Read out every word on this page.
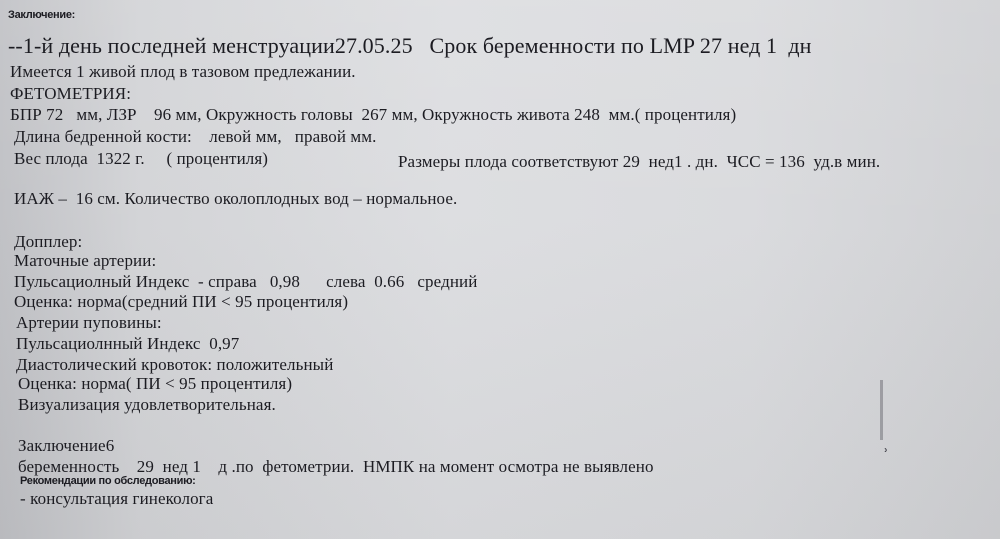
Заключение:
--1-й день последней менструации27.05.25   Срок беременности по LMP 27 нед 1  дн
Имеется 1 живой плод в тазовом предлежании.
ФЕТОМЕТРИЯ:
БПР 72   мм, ЛЗР    96 мм, Окружность головы  267 мм, Окружность живота 248  мм.( процентиля)
Длина бедренной кости:    левой мм,   правой мм.
Вес плода  1322 г.     ( процентиля)	Размеры плода соответствуют 29  нед1 . дн.  ЧСС = 136  уд.в мин.
ИАЖ –  16 см. Количество околоплодных вод – нормальное.
Допплер:
Маточные артерии:
Пульсациолный Индекс  - справа   0,98      слева  0.66   средний
Оценка: норма(средний ПИ < 95 процентиля)
Артерии пуповины:
Пульсациолнный Индекс  0,97
Диастолический кровоток: положительный
Оценка: норма( ПИ < 95 процентиля)
Визуализация удовлетворительная.
Заключение6
беременность    29  нед 1    д .по  фетометрии.  НМПК на момент осмотра не выявлено
Рекомендации по обследованию:
- консультация гинеколога
ʾ
